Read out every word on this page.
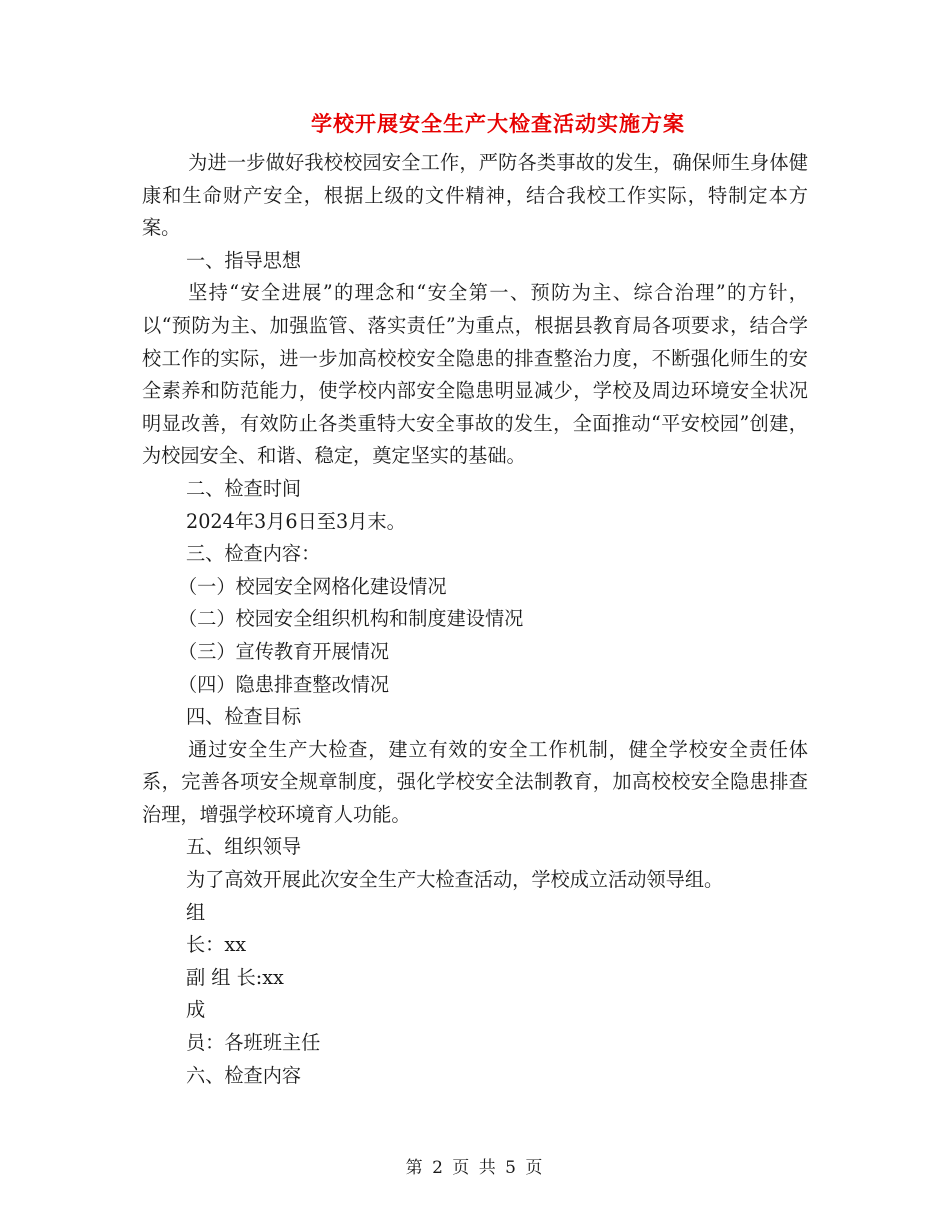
学校开展安全生产大检查活动实施方案

为进一步做好我校校园安全工作，严防各类事故的发生，确保师生身体健康和生命财产安全，根据上级的文件精神，结合我校工作实际，特制定本方案。

一、指导思想

坚持“安全进展”的理念和“安全第一、预防为主、综合治理”的方针，以“预防为主、加强监管、落实责任”为重点，根据县教育局各项要求，结合学校工作的实际，进一步加高校校安全隐患的排查整治力度，不断强化师生的安全素养和防范能力，使学校内部安全隐患明显减少，学校及周边环境安全状况明显改善，有效防止各类重特大安全事故的发生，全面推动“平安校园”创建，为校园安全、和谐、稳定，奠定坚实的基础。

二、检查时间

2024年3月6日至3月末。

三、检查内容：

（一）校园安全网格化建设情况

（二）校园安全组织机构和制度建设情况

（三）宣传教育开展情况

（四）隐患排查整改情况

四、检查目标

通过安全生产大检查，建立有效的安全工作机制，健全学校安全责任体系，完善各项安全规章制度，强化学校安全法制教育，加高校校安全隐患排查治理，增强学校环境育人功能。

五、组织领导

为了高效开展此次安全生产大检查活动，学校成立活动领导组。

组

长：xx

副 组 长:xx

成

员：各班班主任

六、检查内容

第 2 页 共 5 页
